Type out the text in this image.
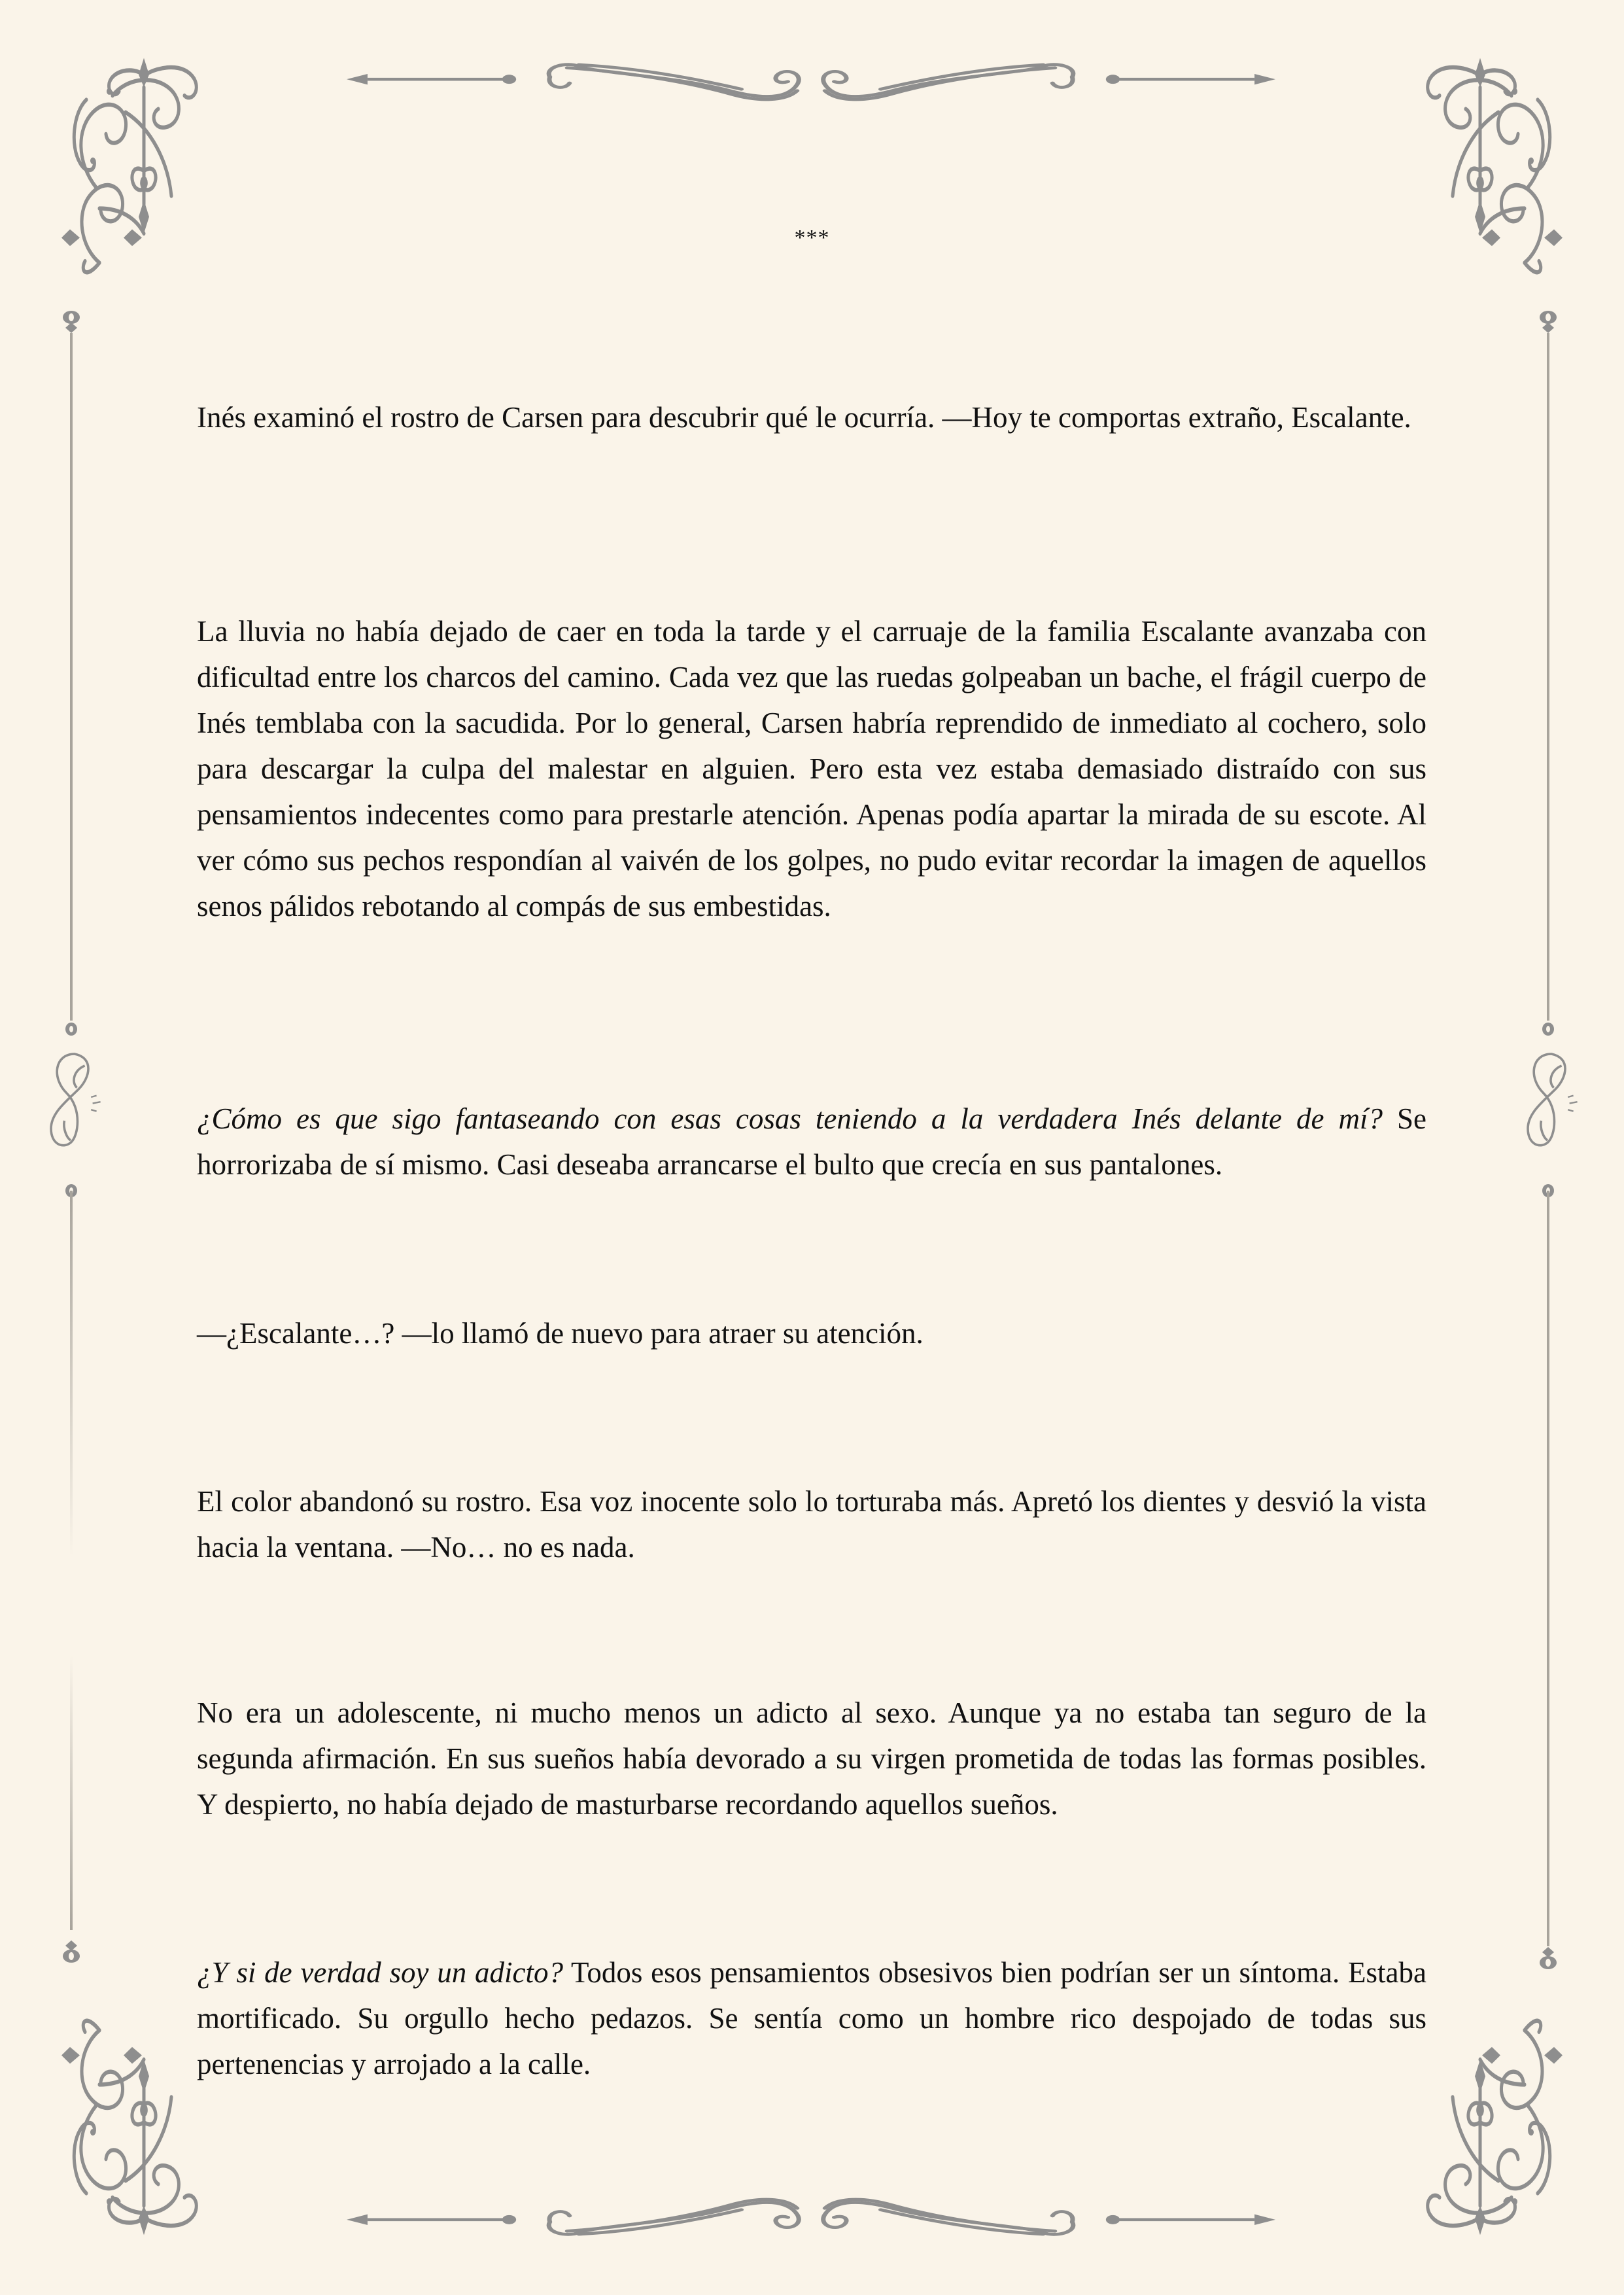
***

Inés examinó el rostro de Carsen para descubrir qué le ocurría. —Hoy te comportas extraño, Escalante.

La lluvia no había dejado de caer en toda la tarde y el carruaje de la familia Escalante avanzaba con dificultad entre los charcos del camino. Cada vez que las ruedas golpeaban un bache, el frágil cuerpo de Inés temblaba con la sacudida. Por lo general, Carsen habría reprendido de inmediato al cochero, solo para descargar la culpa del malestar en alguien. Pero esta vez estaba demasiado distraído con sus pensamientos indecentes como para prestarle atención. Apenas podía apartar la mirada de su escote. Al ver cómo sus pechos respondían al vaivén de los golpes, no pudo evitar recordar la imagen de aquellos senos pálidos rebotando al compás de sus embestidas.

¿Cómo es que sigo fantaseando con esas cosas teniendo a la verdadera Inés delante de mí? Se horrorizaba de sí mismo. Casi deseaba arrancarse el bulto que crecía en sus pantalones.

—¿Escalante…? —lo llamó de nuevo para atraer su atención.

El color abandonó su rostro. Esa voz inocente solo lo torturaba más. Apretó los dientes y desvió la vista hacia la ventana. —No… no es nada.

No era un adolescente, ni mucho menos un adicto al sexo. Aunque ya no estaba tan seguro de la segunda afirmación. En sus sueños había devorado a su virgen prometida de todas las formas posibles. Y despierto, no había dejado de masturbarse recordando aquellos sueños.

¿Y si de verdad soy un adicto? Todos esos pensamientos obsesivos bien podrían ser un síntoma. Estaba mortificado. Su orgullo hecho pedazos. Se sentía como un hombre rico despojado de todas sus pertenencias y arrojado a la calle.
